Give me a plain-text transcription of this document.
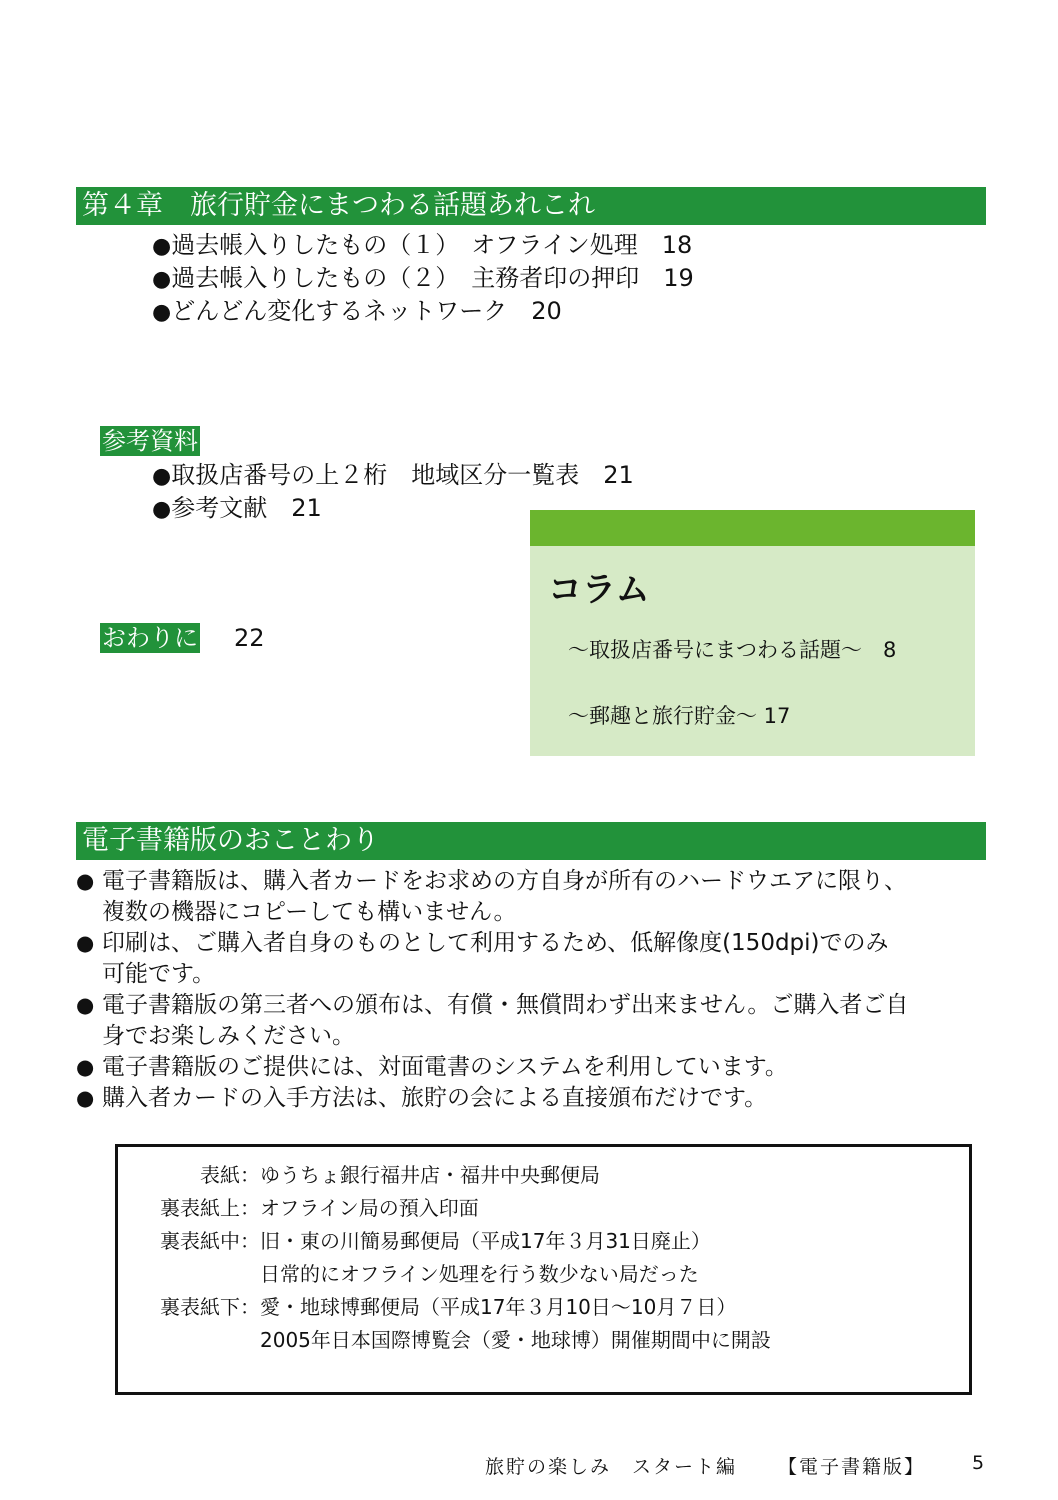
第４章　旅行貯金にまつわる話題あれこれ
●過去帳入りしたもの（１）　オフライン処理　18
●過去帳入りしたもの（２）　主務者印の押印　19
●どんどん変化するネットワーク　20
参考資料
●取扱店番号の上２桁　地域区分一覧表　21
●参考文献　21
おわりに 22
コラム
～取扱店番号にまつわる話題～　8
～郵趣と旅行貯金～ 17
電子書籍版のおことわり
● 電子書籍版は、購入者カードをお求めの方自身が所有のハードウエアに限り、
複数の機器にコピーしても構いません。
● 印刷は、ご購入者自身のものとして利用するため、低解像度(150dpi)でのみ
可能です。
● 電子書籍版の第三者への頒布は、有償・無償問わず出来ません。ご購入者ご自
身でお楽しみください。
● 電子書籍版のご提供には、対面電書のシステムを利用しています。
● 購入者カードの入手方法は、旅貯の会による直接頒布だけです。
表紙：ゆうちょ銀行福井店・福井中央郵便局
裏表紙上：オフライン局の預入印面
裏表紙中：旧・東の川簡易郵便局（平成17年３月31日廃止）
日常的にオフライン処理を行う数少ない局だった
裏表紙下：愛・地球博郵便局（平成17年３月10日～10月７日）
2005年日本国際博覧会（愛・地球博）開催期間中に開設
旅貯の楽しみ　スタート編 【電子書籍版】 5
